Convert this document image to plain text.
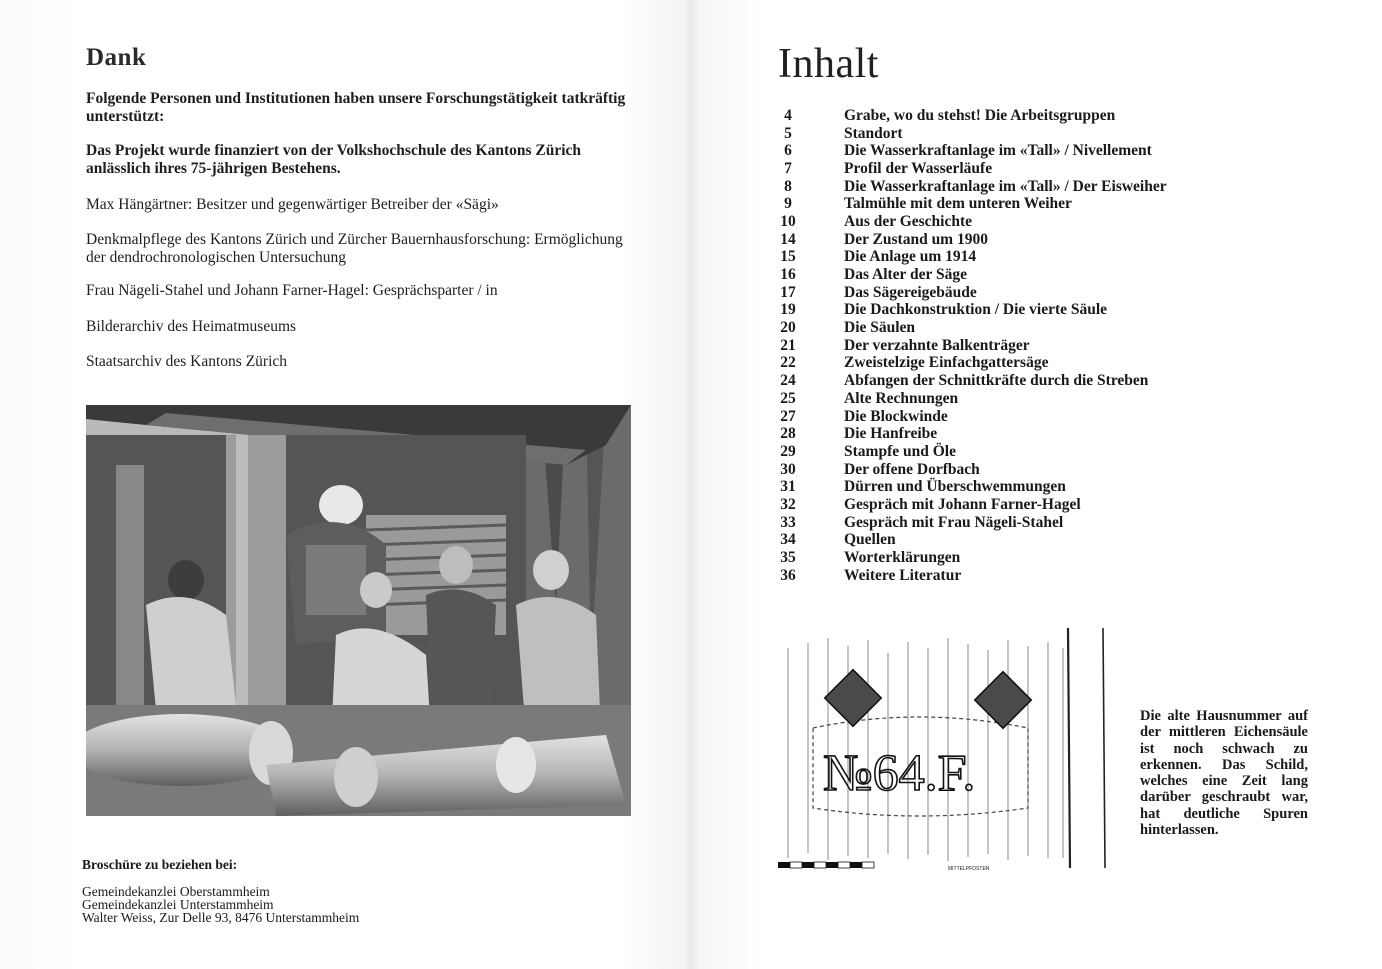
Dank
Folgende Personen und Institutionen haben unsere Forschungstätigkeit tatkräftig unterstützt:
Das Projekt wurde finanziert von der Volkshochschule des Kantons Zürich anlässlich ihres 75-jährigen Bestehens.
Max Hängärtner: Besitzer und gegenwärtiger Betreiber der «Sägi»
Denkmalpflege des Kantons Zürich und Zürcher Bauernhausforschung: Ermöglichung der dendrochronologischen Untersuchung
Frau Nägeli-Stahel und Johann Farner-Hagel: Gesprächsparter / in
Bilderarchiv des Heimatmuseums
Staatsarchiv des Kantons Zürich
Broschüre zu beziehen bei:
Gemeindekanzlei Oberstammheim
Gemeindekanzlei Unterstammheim
Walter Weiss, Zur Delle 93, 8476 Unterstammheim
Inhalt
4	Grabe, wo du stehst! Die Arbeitsgruppen
5	Standort
6	Die Wasserkraftanlage im «Tall» / Nivellement
7	Profil der Wasserläufe
8	Die Wasserkraftanlage im «Tall» / Der Eisweiher
9	Talmühle mit dem unteren Weiher
10	Aus der Geschichte
14	Der Zustand um 1900
15	Die Anlage um 1914
16	Das Alter der Säge
17	Das Sägereigebäude
19	Die Dachkonstruktion / Die vierte Säule
20	Die Säulen
21	Der verzahnte Balkenträger
22	Zweistelzige Einfachgattersäge
24	Abfangen der Schnittkräfte durch die Streben
25	Alte Rechnungen
27	Die Blockwinde
28	Die Hanfreibe
29	Stampfe und Öle
30	Der offene Dorfbach
31	Dürren und Überschwemmungen
32	Gespräch mit Johann Farner-Hagel
33	Gespräch mit Frau Nägeli-Stahel
34	Quellen
35	Worterklärungen
36	Weitere Literatur
№64.F.
MITTELPFOSTEN
Die alte Hausnummer auf der mittleren Eichensäule ist noch schwach zu erkennen. Das Schild, welches eine Zeit lang darüber geschraubt war, hat deutliche Spuren hinterlassen.
